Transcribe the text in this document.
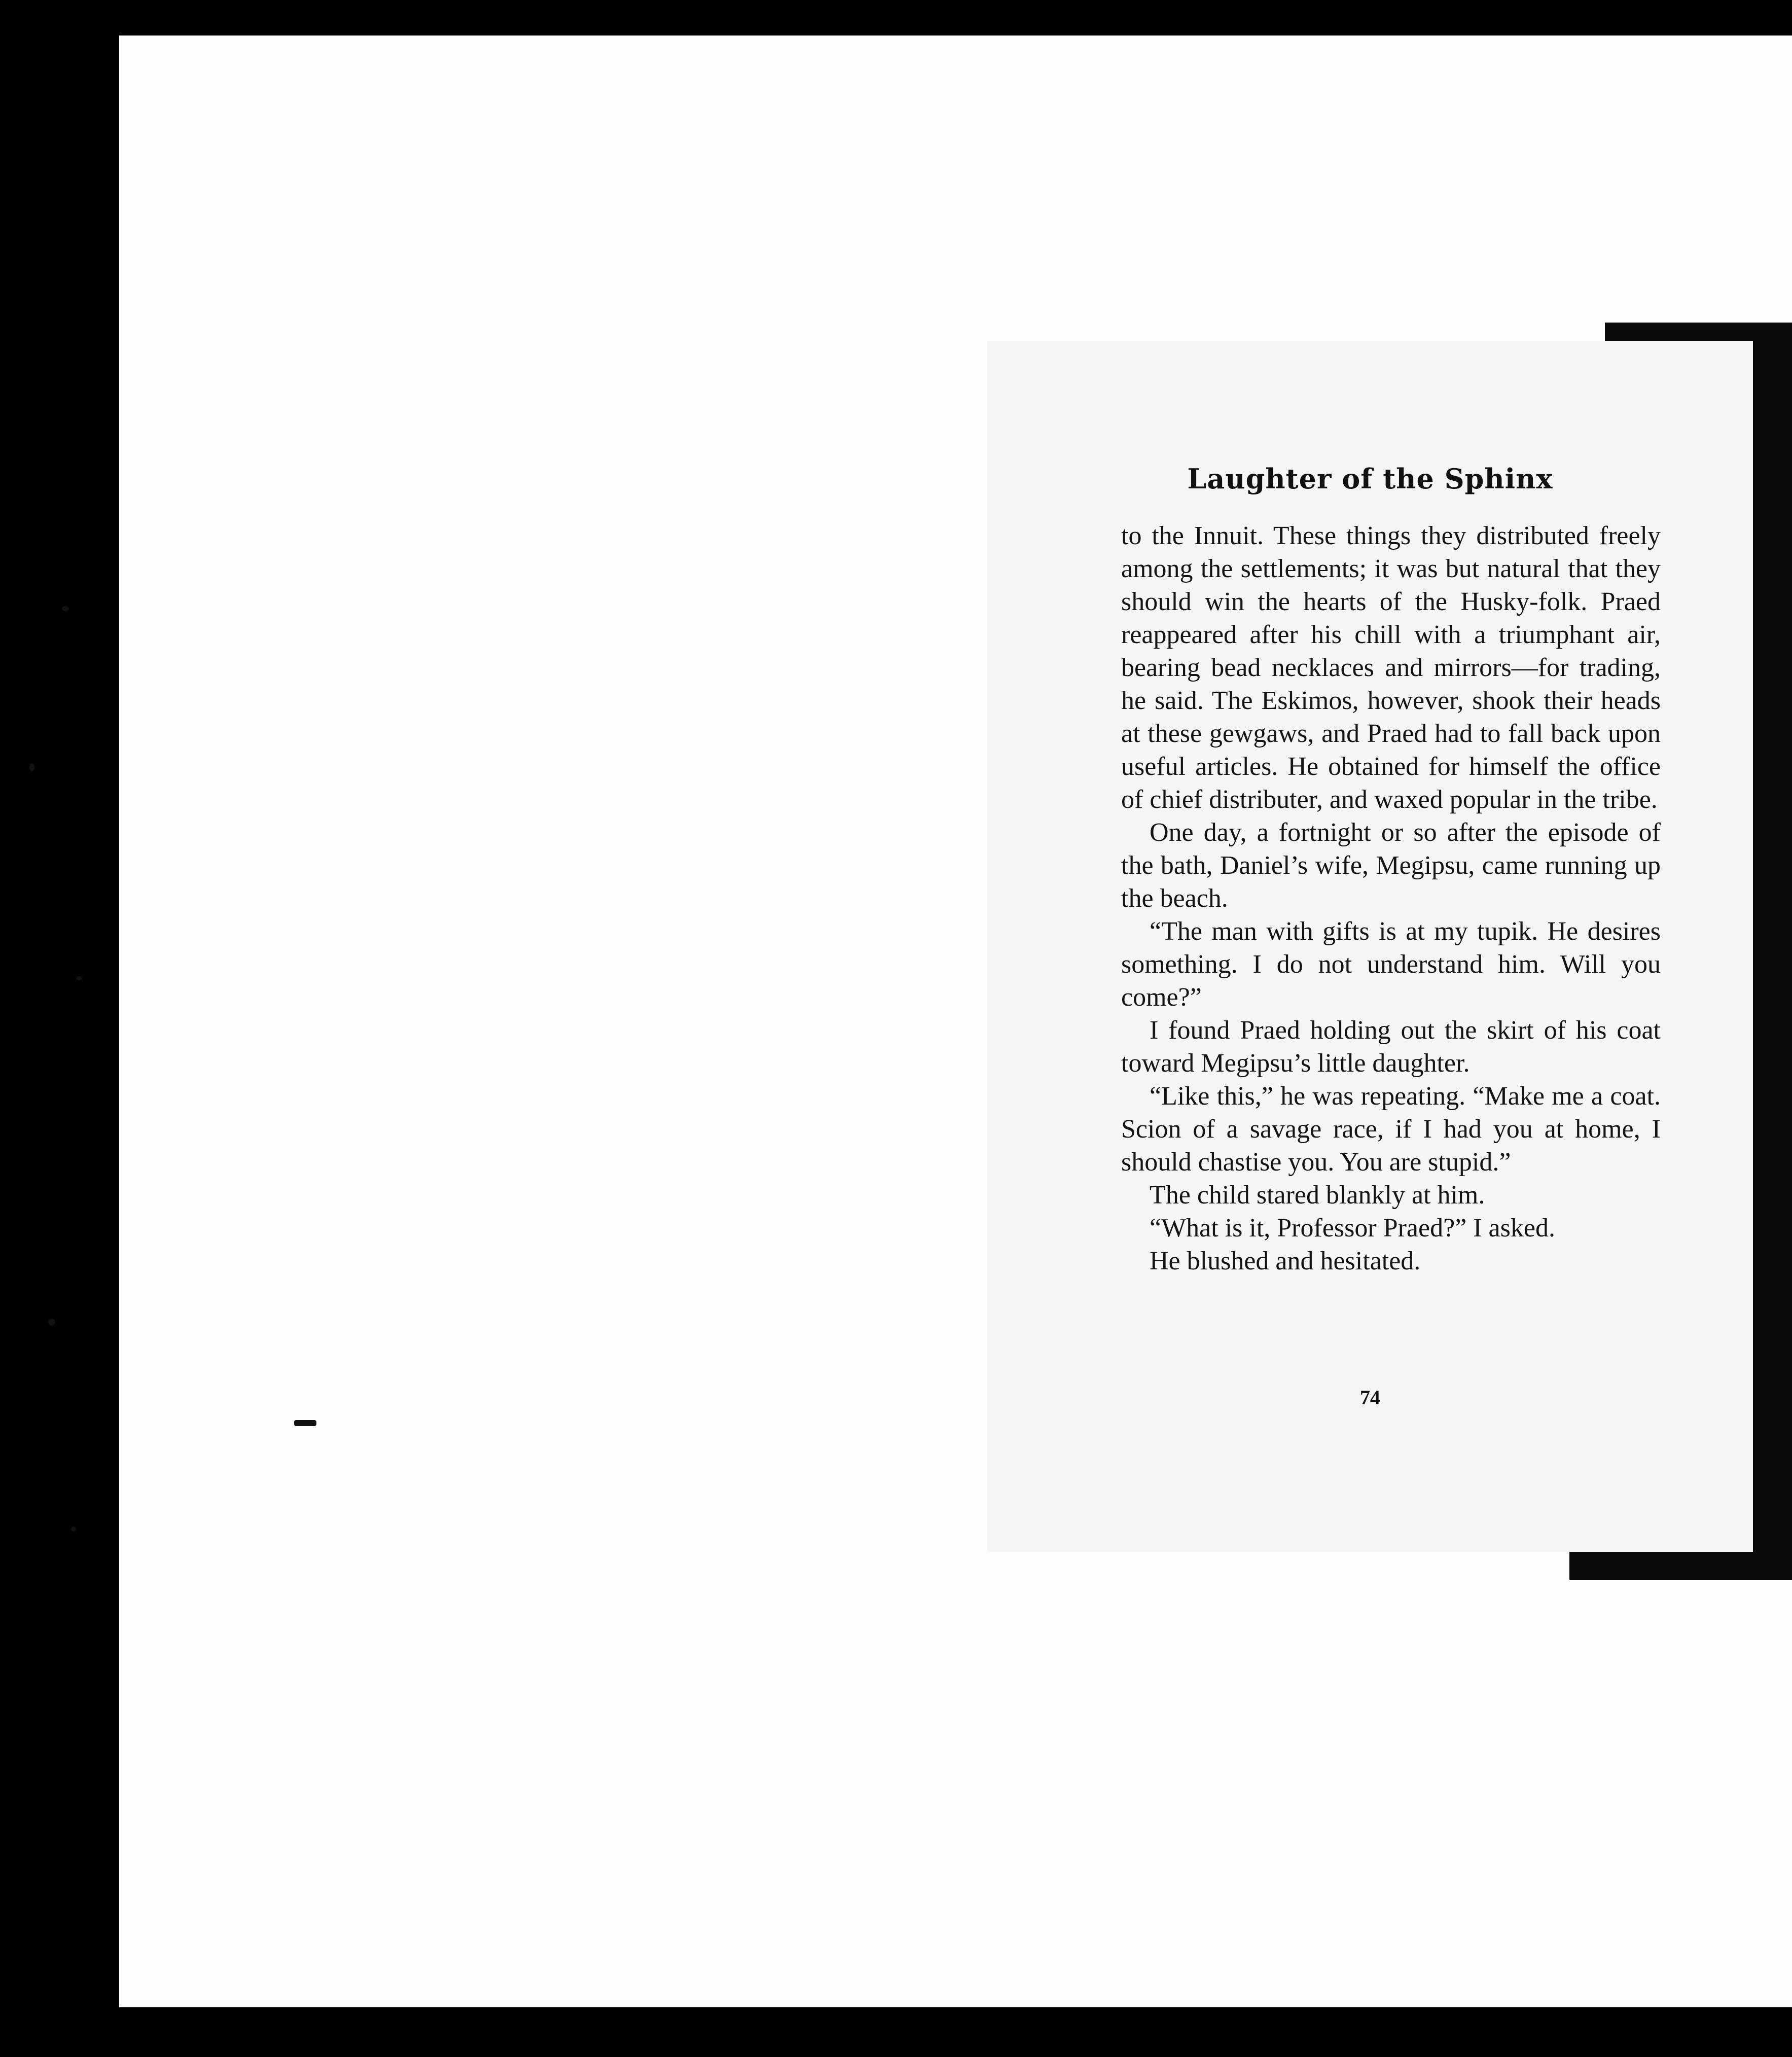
Laughter of the Sphinx

to the Innuit. These things they distributed freely among the settlements; it was but natural that they should win the hearts of the Husky-folk. Praed reappeared after his chill with a triumphant air, bearing bead necklaces and mirrors—for trading, he said. The Eskimos, however, shook their heads at these gewgaws, and Praed had to fall back upon useful articles. He obtained for himself the office of chief distributer, and waxed popular in the tribe.

One day, a fortnight or so after the episode of the bath, Daniel’s wife, Megipsu, came running up the beach.

“The man with gifts is at my tupik. He desires something. I do not understand him. Will you come?”

I found Praed holding out the skirt of his coat toward Megipsu’s little daughter.

“Like this,” he was repeating. “Make me a coat. Scion of a savage race, if I had you at home, I should chastise you. You are stupid.”

The child stared blankly at him.

“What is it, Professor Praed?” I asked.

He blushed and hesitated.

74
